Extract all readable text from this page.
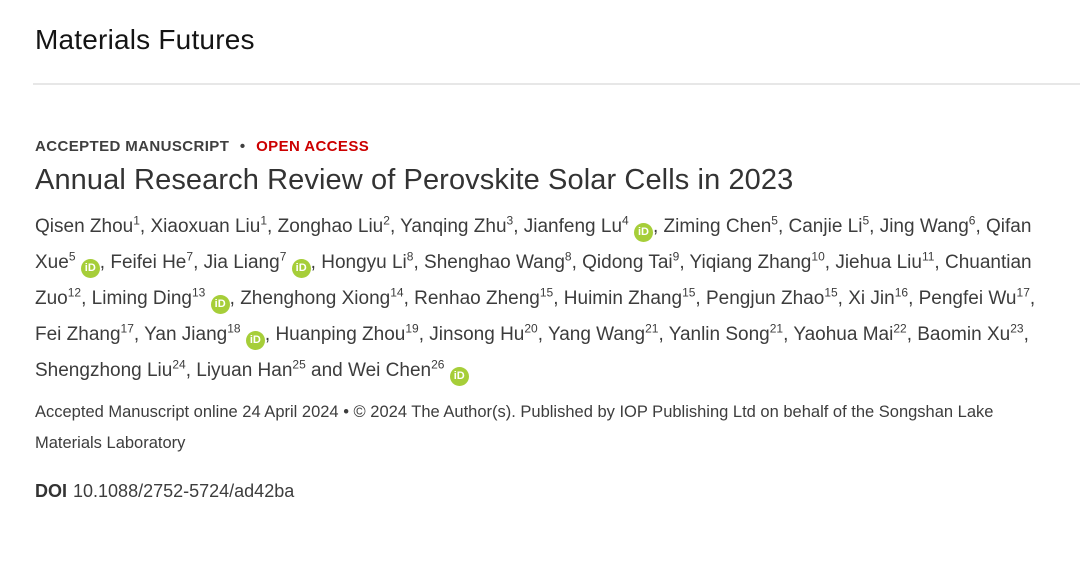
Materials Futures
ACCEPTED MANUSCRIPT • OPEN ACCESS
Annual Research Review of Perovskite Solar Cells in 2023

Qisen Zhou$^1$, Xiaoxuan Liu$^1$, Zonghao Liu$^2$, Yanqing Zhu$^3$, Jianfeng Lu$^4$ iD , Ziming Chen$^5$, Canjie Li$^5$, Jing Wang$^6$, Qifan Xue$^5$ iD , Feifei He$^7$, Jia Liang$^7$ iD , Hongyu Li$^8$, Shenghao Wang$^8$, Qidong Tai$^9$, Yiqiang Zhang$^{10}$, Jiehua Liu$^{11}$, Chuantian Zuo$^{12}$, Liming Ding$^{13}$ iD , Zhenghong Xiong$^{14}$, Renhao Zheng$^{15}$, Huimin Zhang$^{15}$, Pengjun Zhao$^{15}$, Xi Jin$^{16}$, Pengfei Wu$^{17}$, Fei Zhang$^{17}$, Yan Jiang$^{18}$ iD , Huanping Zhou$^{19}$, Jinsong Hu$^{20}$, Yang Wang$^{21}$, Yanlin Song$^{21}$, Yaohua Mai$^{22}$, Baomin Xu$^{23}$, Shengzhong Liu$^{24}$, Liyuan Han$^{25}$ and Wei Chen$^{26}$ iD

Accepted Manuscript online 24 April 2024 • © 2024 The Author(s). Published by IOP Publishing Ltd on behalf of the Songshan Lake Materials Laboratory

DOI 10.1088/2752-5724/ad42ba
